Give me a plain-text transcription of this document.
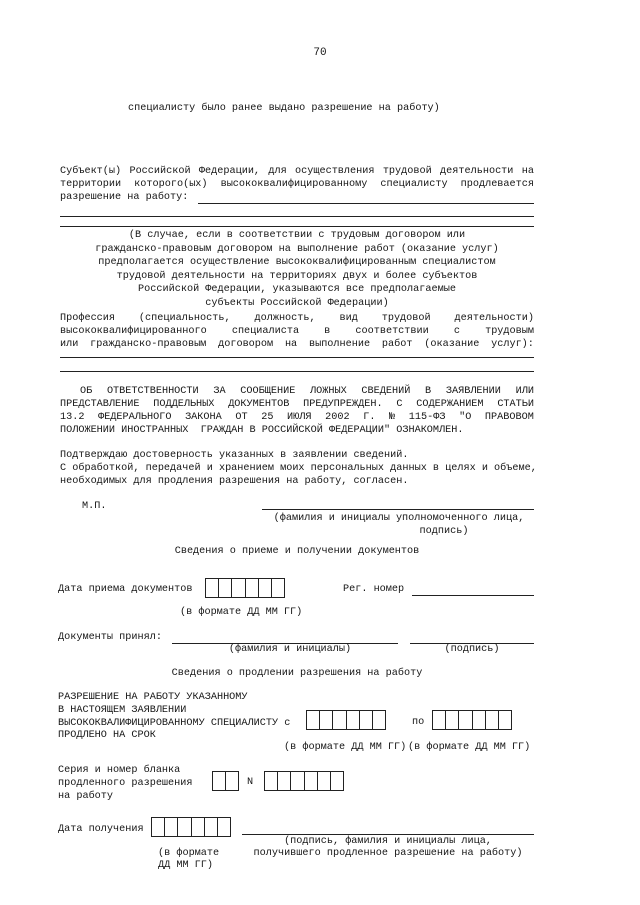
70
специалисту было ранее выдано разрешение на работу)
Субъект(ы) Российской Федерации, для осуществления трудовой деятельности на
территории которого(ых) высококвалифицированному специалисту продлевается
разрешение на работу:
(В случае, если в соответствии с трудовым договором или
гражданско-правовым договором на выполнение работ (оказание услуг)
предполагается осуществление высококвалифицированным специалистом
трудовой деятельности на территориях двух и более субъектов
Российской Федерации, указываются все предполагаемые
субъекты Российской Федерации)
Профессия (специальность, должность, вид трудовой деятельности)
высококвалифицированного специалиста в соответствии с трудовым
или гражданско-правовым договором на выполнение работ (оказание услуг):
ОБ ОТВЕТСТВЕННОСТИ ЗА СООБЩЕНИЕ ЛОЖНЫХ СВЕДЕНИЙ В ЗАЯВЛЕНИИ ИЛИ
ПРЕДСТАВЛЕНИЕ ПОДДЕЛЬНЫХ ДОКУМЕНТОВ ПРЕДУПРЕЖДЕН. С СОДЕРЖАНИЕМ СТАТЬИ
13.2 ФЕДЕРАЛЬНОГО ЗАКОНА ОТ 25 ИЮЛЯ 2002 Г. № 115-ФЗ "О ПРАВОВОМ
ПОЛОЖЕНИИ ИНОСТРАННЫХ  ГРАЖДАН В РОССИЙСКОЙ ФЕДЕРАЦИИ" ОЗНАКОМЛЕН.
Подтверждаю достоверность указанных в заявлении сведений.
С обработкой, передачей и хранением моих персональных данных в целях и объеме,
необходимых для продления разрешения на работу, согласен.
М.П.
(фамилия и инициалы уполномоченного лица,
подпись)
Сведения о приеме и получении документов
Дата приема документов	Рег. номер
(в формате ДД ММ ГГ)
Документы принял:
(фамилия и инициалы)	(подпись)
Сведения о продлении разрешения на работу
РАЗРЕШЕНИЕ НА РАБОТУ УКАЗАННОМУ
В НАСТОЯЩЕМ ЗАЯВЛЕНИИ
ВЫСОКОКВАЛИФИЦИРОВАННОМУ СПЕЦИАЛИСТУ с
ПРОДЛЕНО НА СРОК
по
(в формате ДД ММ ГГ) (в формате ДД ММ ГГ)
Серия и номер бланка
продленного разрешения
на работу
N
Дата получения
(подпись, фамилия и инициалы лица,
получившего продленное разрешение на работу)
(в формате
ДД ММ ГГ)
